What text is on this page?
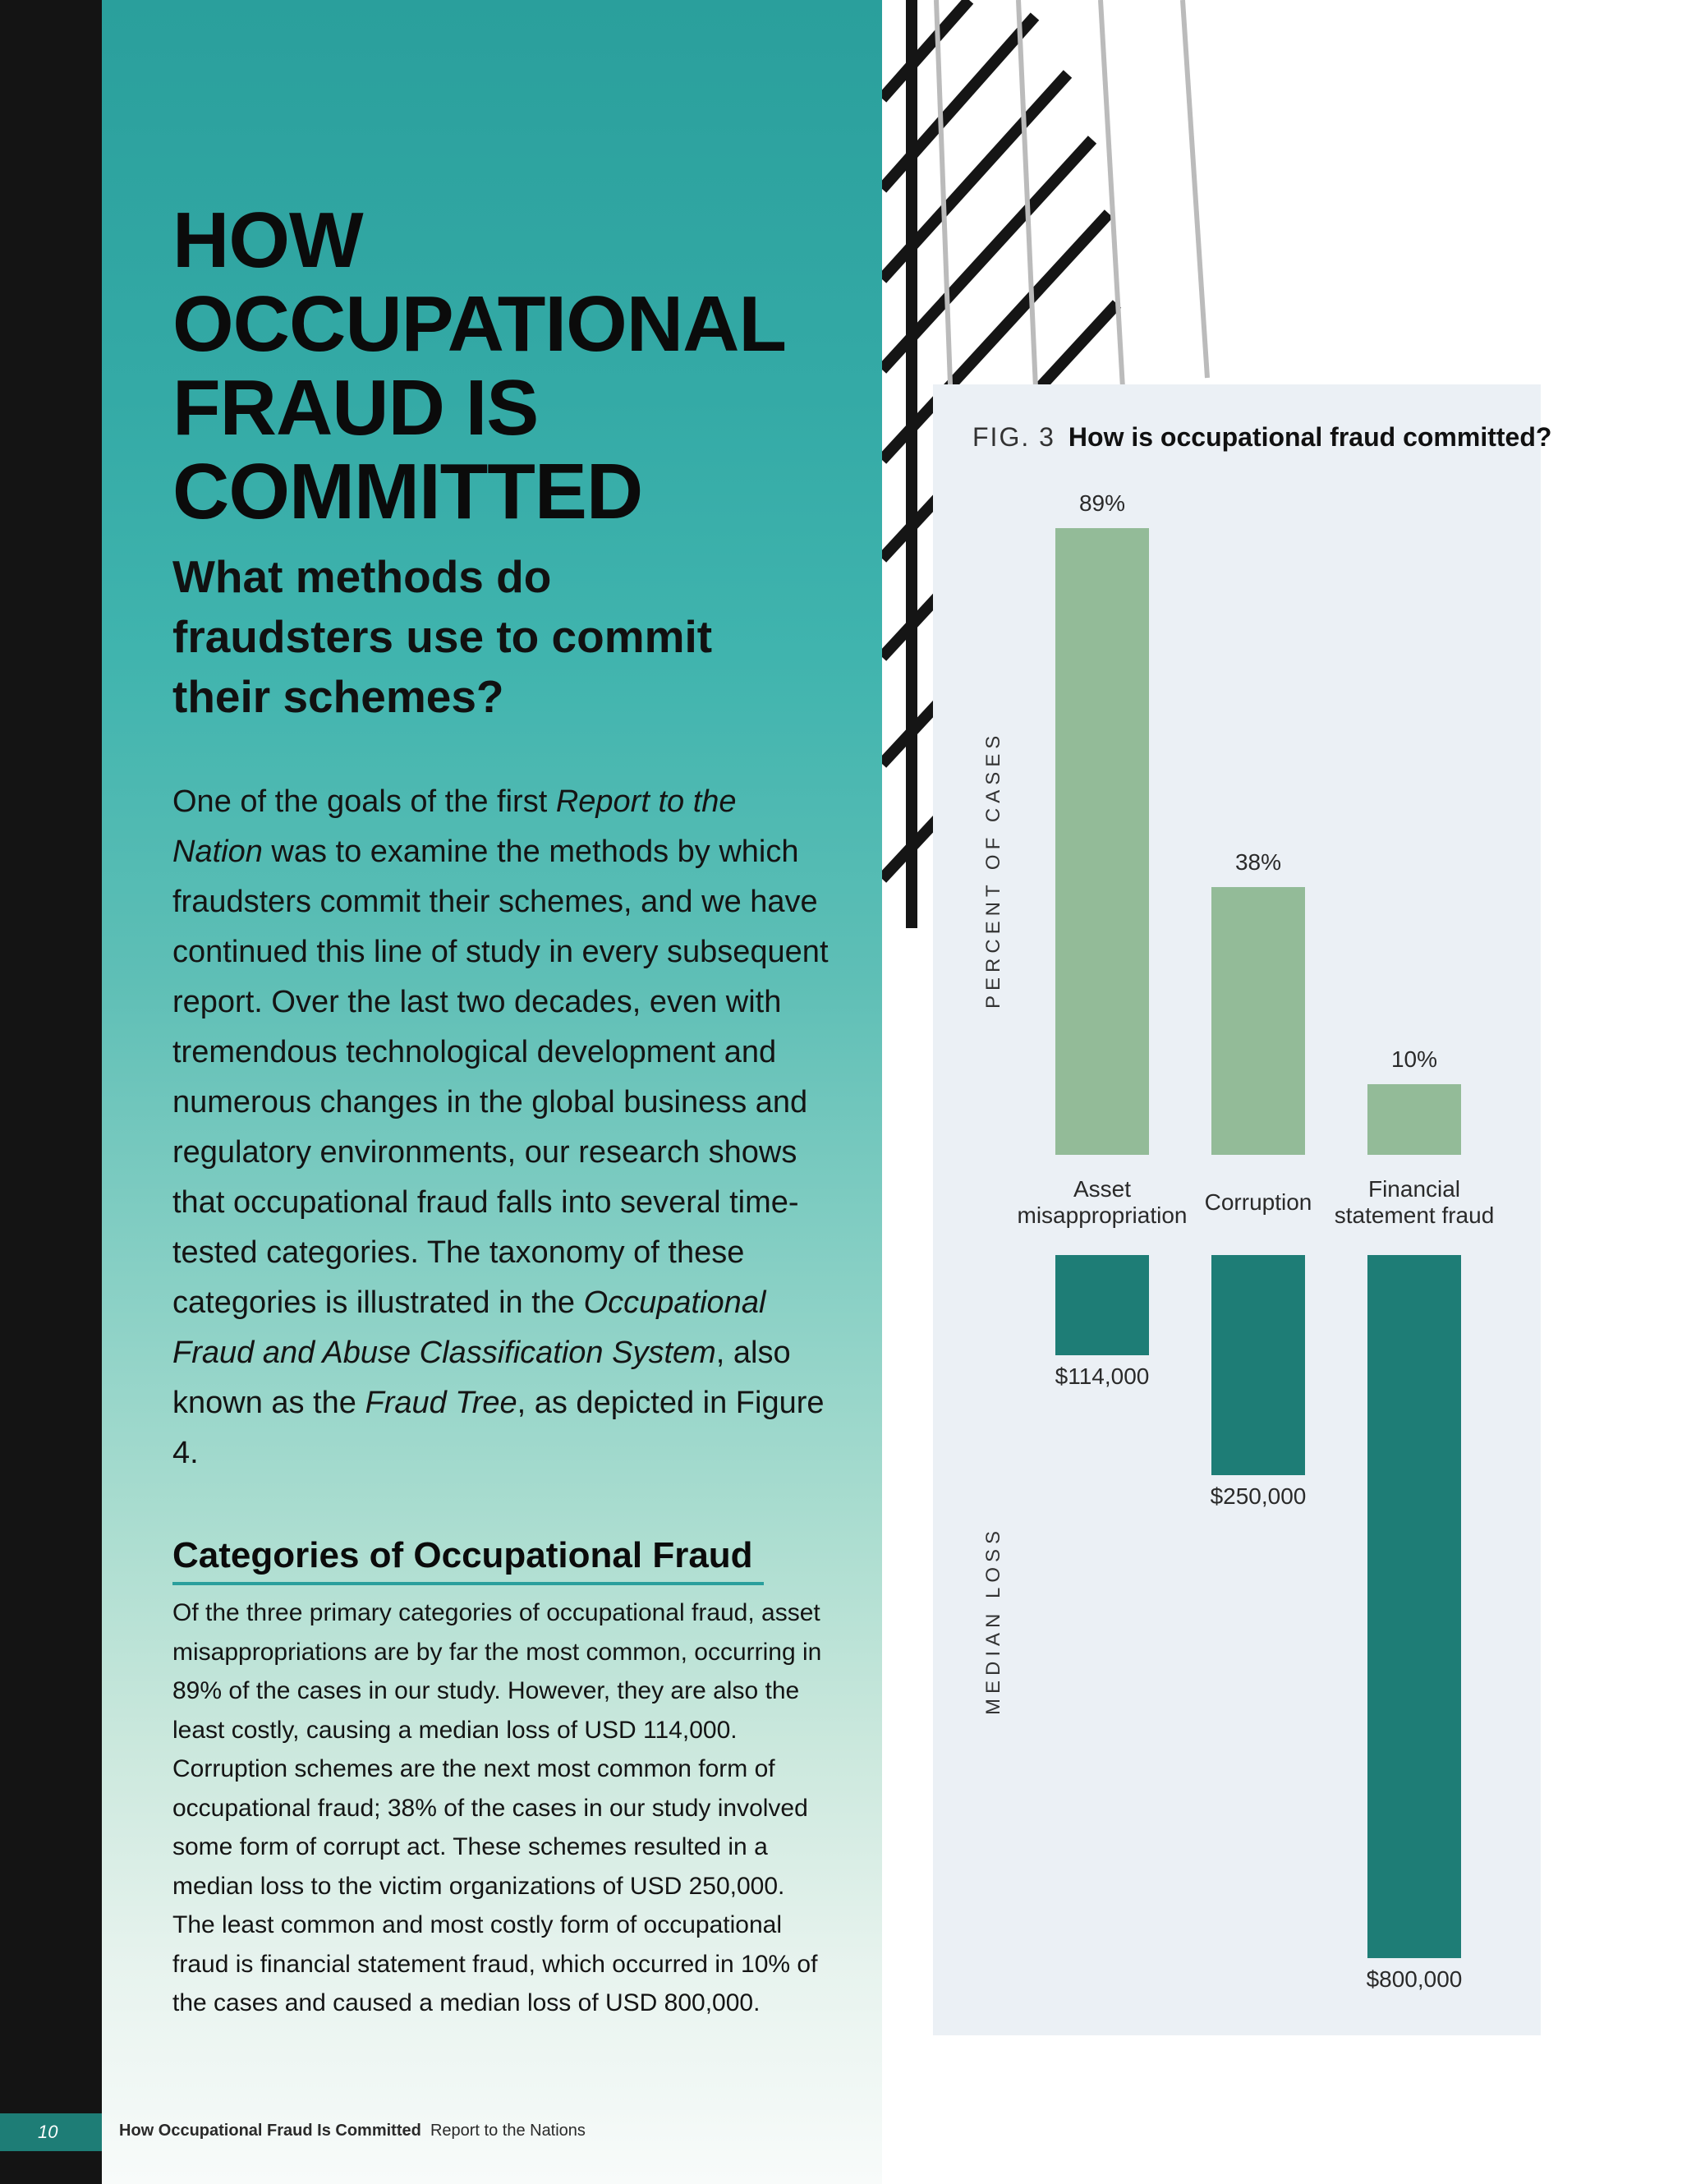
HOW OCCUPATIONAL FRAUD IS COMMITTED
What methods do fraudsters use to commit their schemes?

One of the goals of the first Report to the Nation was to examine the methods by which fraudsters commit their schemes, and we have continued this line of study in every subsequent report. Over the last two decades, even with tremendous technological development and numerous changes in the global business and regulatory environments, our research shows that occupational fraud falls into several time-tested categories. The taxonomy of these categories is illustrated in the Occupational Fraud and Abuse Classification System, also known as the Fraud Tree, as depicted in Figure 4.

Categories of Occupational Fraud

Of the three primary categories of occupational fraud, asset misappropriations are by far the most common, occurring in 89% of the cases in our study. However, they are also the least costly, causing a median loss of USD 114,000. Corruption schemes are the next most common form of occupational fraud; 38% of the cases in our study involved some form of corrupt act. These schemes resulted in a median loss to the victim organizations of USD 250,000. The least common and most costly form of occupational fraud is financial statement fraud, which occurred in 10% of the cases and caused a median loss of USD 800,000.

10	How Occupational Fraud Is Committed Report to the Nations
FIG. 3 How is occupational fraud committed?
PERCENT OF CASES
MEDIAN LOSS
89%
Asset
misappropriation
$114,000
38%
Corruption
$250,000
10%
Financial
statement fraud
$800,000
